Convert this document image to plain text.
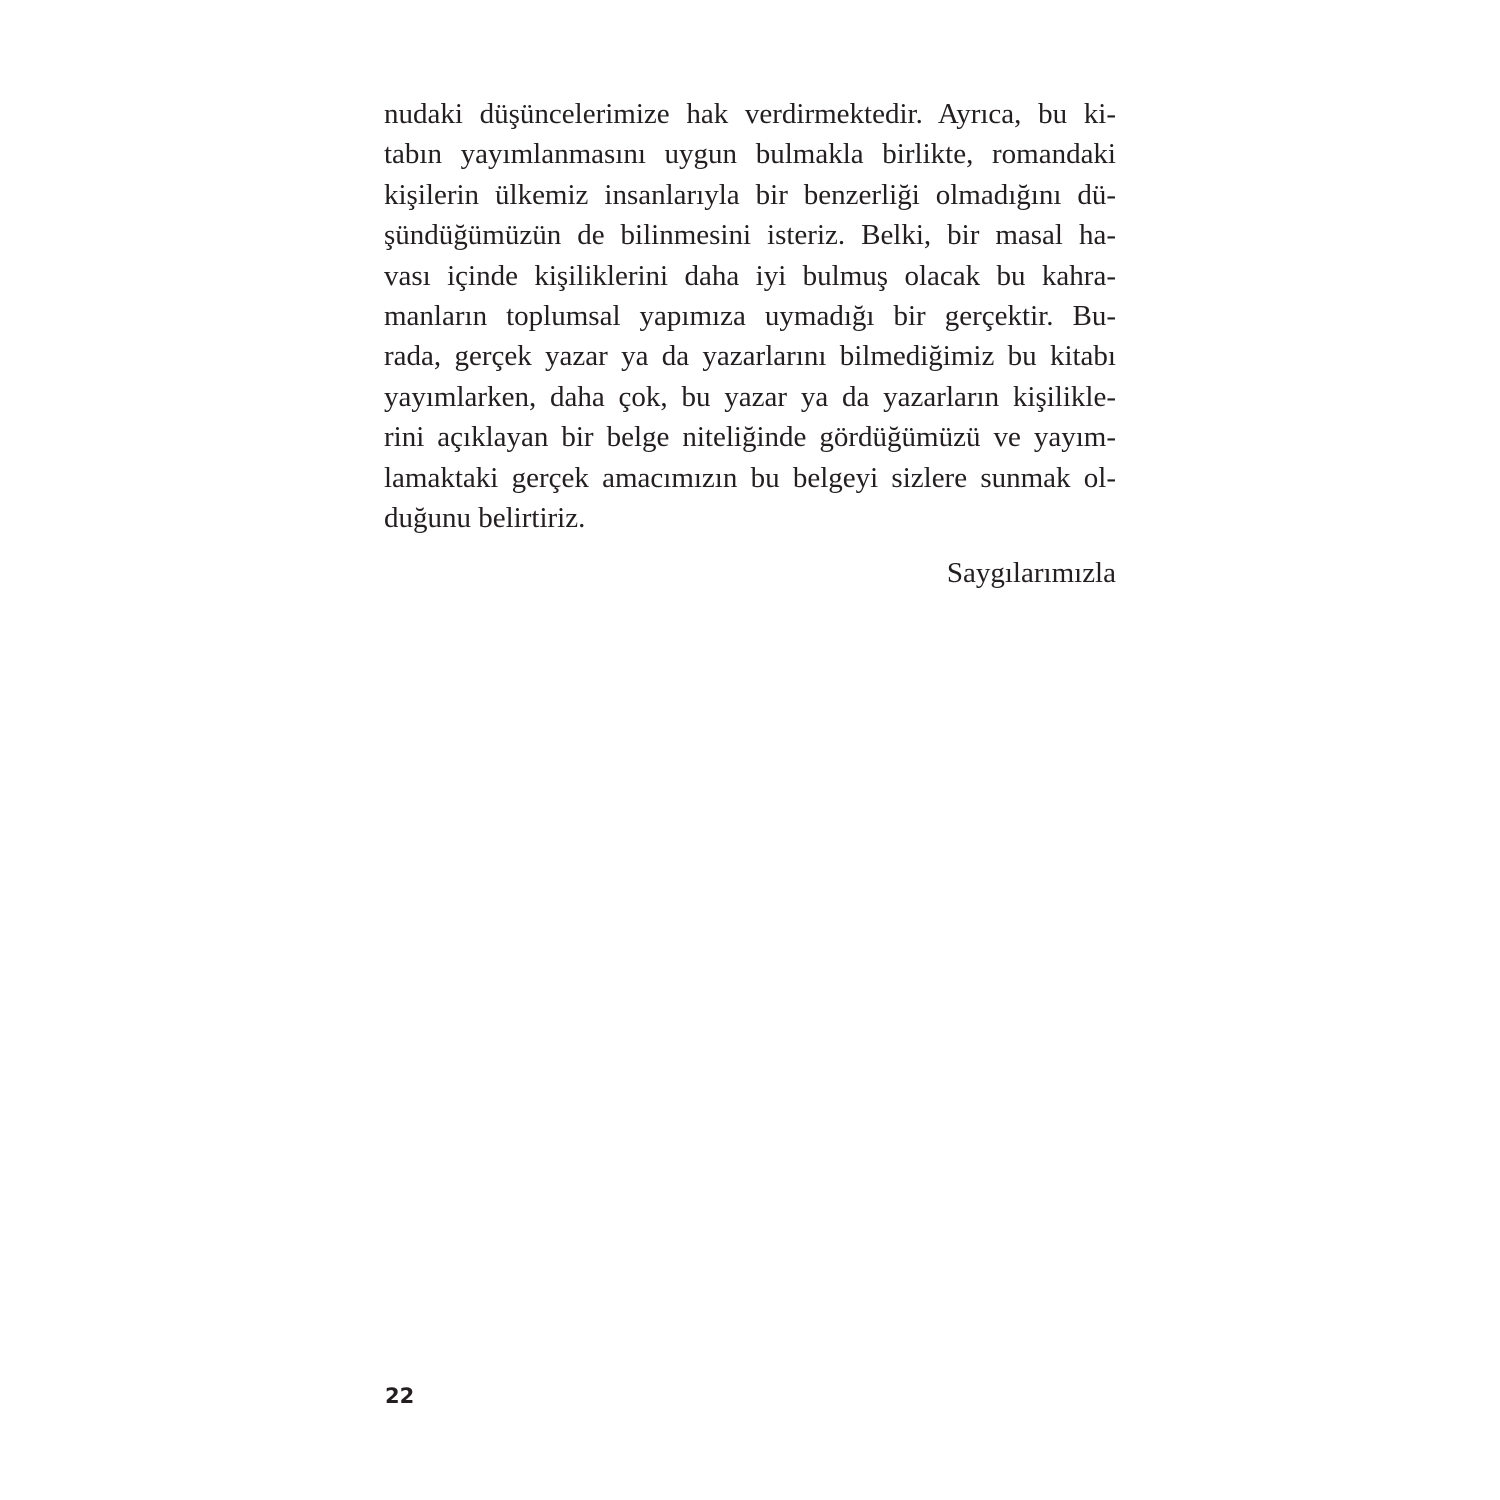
nudaki düşüncelerimize hak verdirmektedir. Ayrıca, bu ki-
tabın yayımlanmasını uygun bulmakla birlikte, romandaki
kişilerin ülkemiz insanlarıyla bir benzerliği olmadığını dü-
şündüğümüzün de bilinmesini isteriz. Belki, bir masal ha-
vası içinde kişiliklerini daha iyi bulmuş olacak bu kahra-
manların toplumsal yapımıza uymadığı bir gerçektir. Bu-
rada, gerçek yazar ya da yazarlarını bilmediğimiz bu kitabı
yayımlarken, daha çok, bu yazar ya da yazarların kişilikle-
rini açıklayan bir belge niteliğinde gördüğümüzü ve yayım-
lamaktaki gerçek amacımızın bu belgeyi sizlere sunmak ol-
duğunu belirtiriz.
Saygılarımızla
22
